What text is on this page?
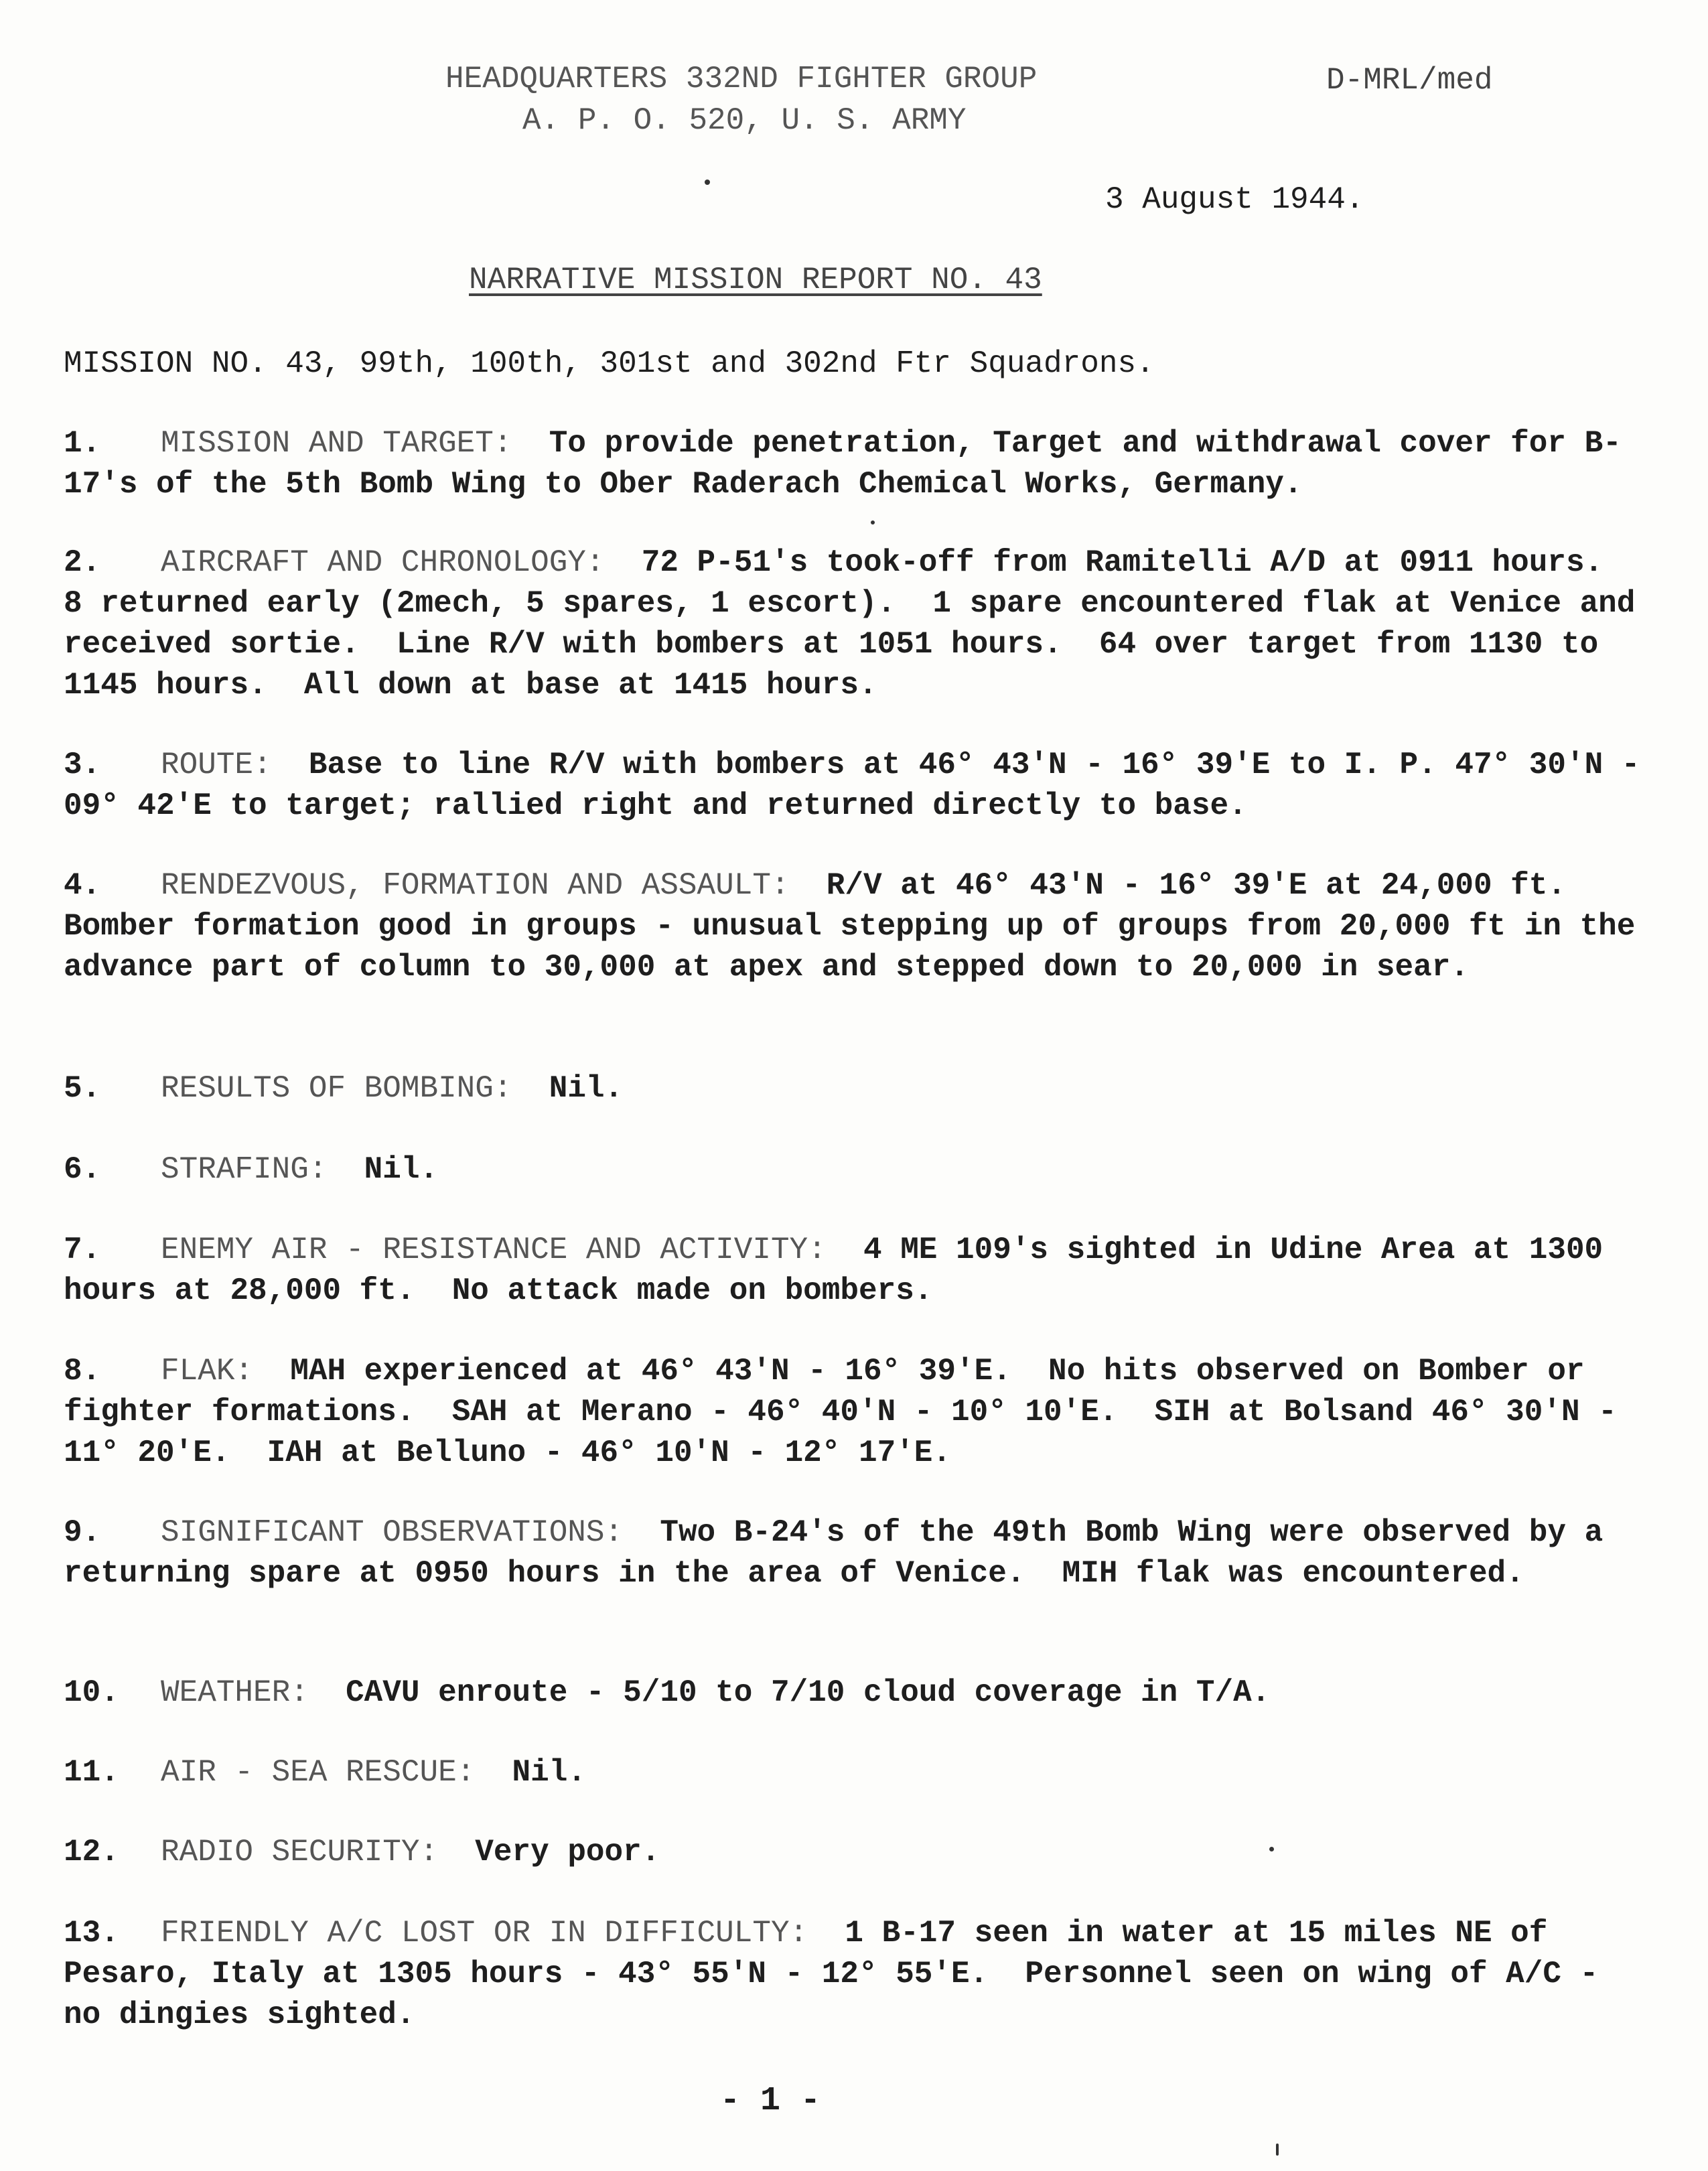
HEADQUARTERS 332ND FIGHTER GROUP
A. P. O. 520, U. S. ARMY
D-MRL/med
3 August 1944.
NARRATIVE MISSION REPORT NO. 43
MISSION NO. 43, 99th, 100th, 301st and 302nd Ftr Squadrons.
1. MISSION AND TARGET: To provide penetration, Target and withdrawal cover for B-17's of the 5th Bomb Wing to Ober Raderach Chemical Works, Germany.
2. AIRCRAFT AND CHRONOLOGY: 72 P-51's took-off from Ramitelli A/D at 0911 hours.  8 returned early (2mech, 5 spares, 1 escort).  1 spare encountered flak at Venice and received sortie.  Line R/V with bombers at 1051 hours.  64 over target from 1130 to 1145 hours.  All down at base at 1415 hours.
3. ROUTE: Base to line R/V with bombers at 46° 43'N - 16° 39'E to I. P. 47° 30'N - 09° 42'E to target; rallied right and returned directly to base.
4. RENDEZVOUS, FORMATION AND ASSAULT: R/V at 46° 43'N - 16° 39'E at 24,000 ft.  Bomber formation good in groups - unusual stepping up of groups from 20,000 ft in the advance part of column to 30,000 at apex and stepped down to 20,000 in sear.
5. RESULTS OF BOMBING: Nil.
6. STRAFING: Nil.
7. ENEMY AIR - RESISTANCE AND ACTIVITY: 4 ME 109's sighted in Udine Area at 1300 hours at 28,000 ft.  No attack made on bombers.
8. FLAK: MAH experienced at 46° 43'N - 16° 39'E.  No hits observed on Bomber or fighter formations.  SAH at Merano - 46° 40'N - 10° 10'E.  SIH at Bolsand 46° 30'N - 11° 20'E.  IAH at Belluno - 46° 10'N - 12° 17'E.
9. SIGNIFICANT OBSERVATIONS: Two B-24's of the 49th Bomb Wing were observed by a returning spare at 0950 hours in the area of Venice.  MIH flak was encountered.
10. WEATHER: CAVU enroute - 5/10 to 7/10 cloud coverage in T/A.
11. AIR - SEA RESCUE: Nil.
12. RADIO SECURITY: Very poor.
13. FRIENDLY A/C LOST OR IN DIFFICULTY: 1 B-17 seen in water at 15 miles NE of Pesaro, Italy at 1305 hours - 43° 55'N - 12° 55'E.  Personnel seen on wing of A/C - no dingies sighted.
- 1 -
